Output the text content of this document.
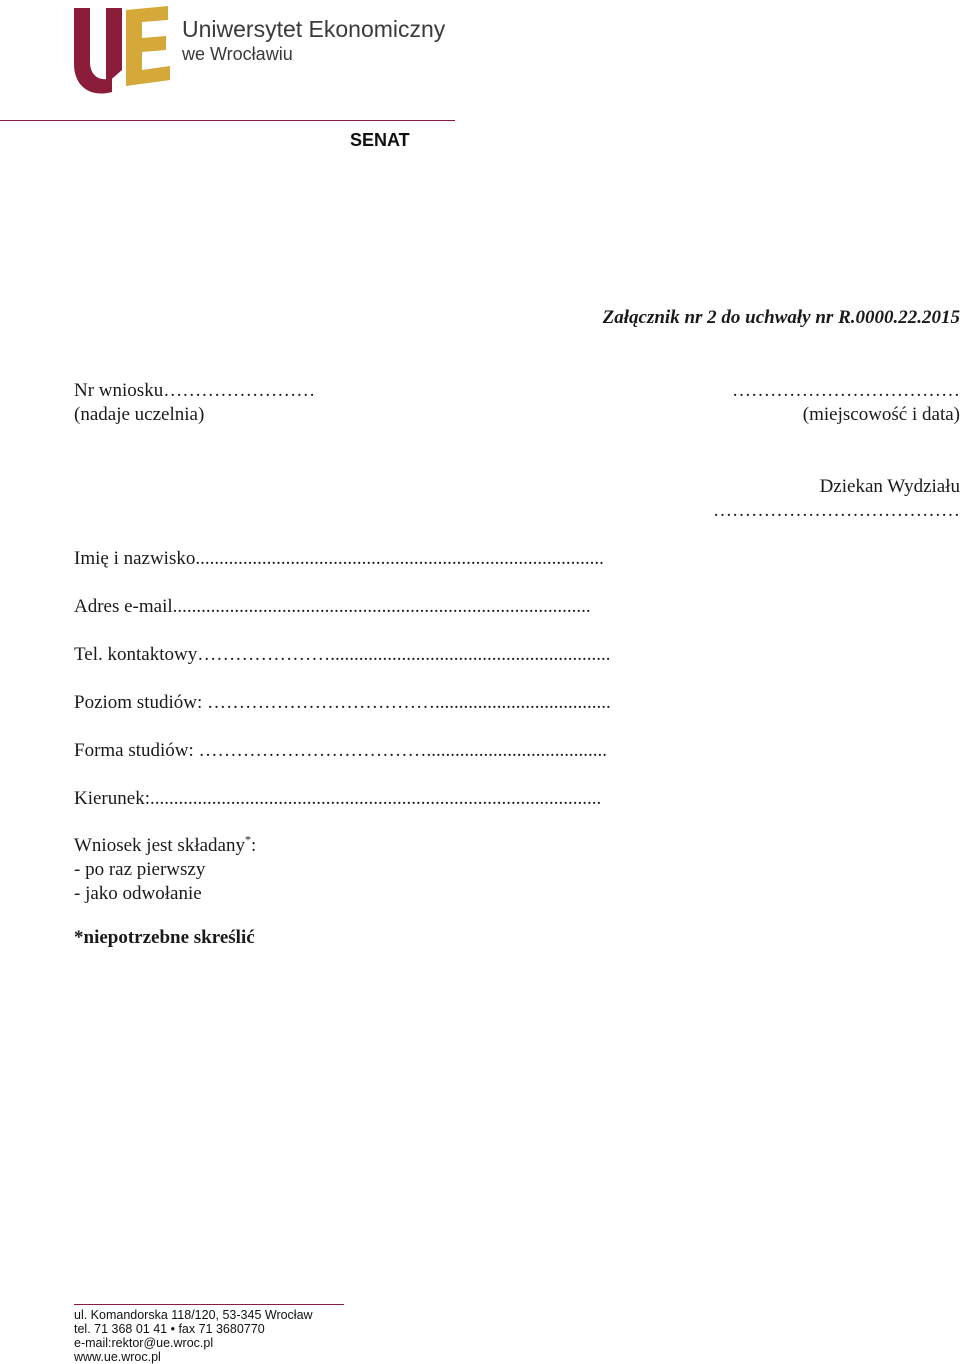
Uniwersytet Ekonomiczny
we Wrocławiu
SENAT
Załącznik nr 2 do uchwały nr R.0000.22.2015
Nr wniosku……………………
(nadaje uczelnia)
………………………………
(miejscowość i data)
Dziekan Wydziału
…………………………………
Imię i nazwisko......................................................................................
Adres e-mail........................................................................................
Tel. kontaktowy…………………...........................................................
Poziom studiów: ……………………………….....................................
Forma studiów: ………………………………......................................
Kierunek:...............................................................................................
Wniosek jest składany*:
- po raz pierwszy
- jako odwołanie
*niepotrzebne skreślić
ul. Komandorska 118/120, 53-345 Wrocław
tel. 71 368 01 41 • fax 71 3680770
e-mail:rektor@ue.wroc.pl
www.ue.wroc.pl
